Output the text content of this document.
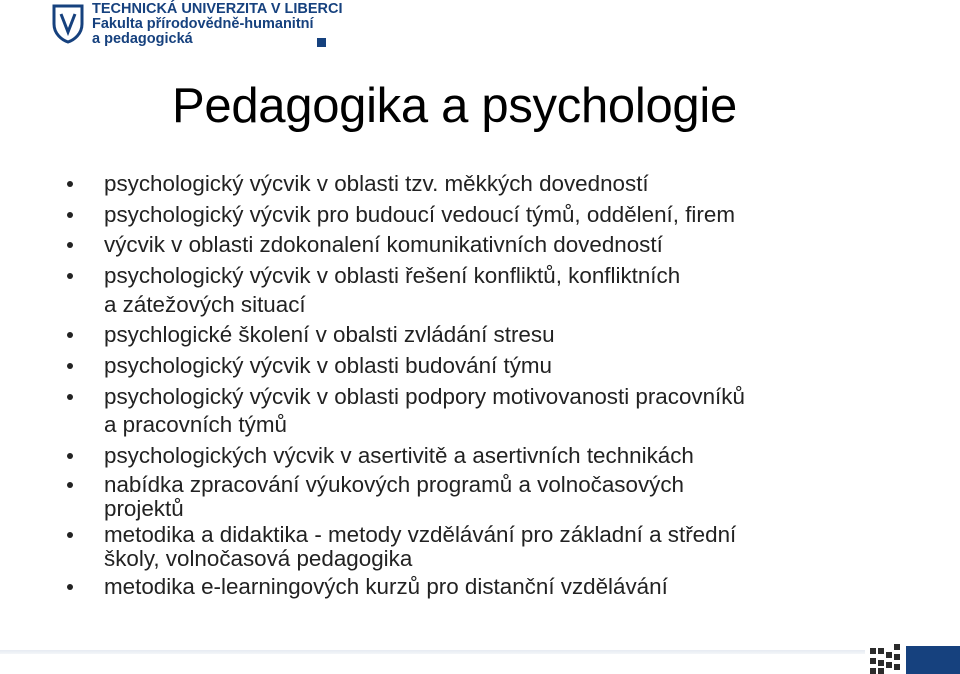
TECHNICKÁ UNIVERZITA V LIBERCI
Fakulta přírodovědně-humanitní
a pedagogická
Pedagogika a psychologie
psychologický výcvik v oblasti tzv. měkkých dovedností
psychologický výcvik pro budoucí vedoucí týmů, oddělení, firem
výcvik v oblasti zdokonalení komunikativních dovedností
psychologický výcvik v oblasti řešení konfliktů, konfliktních
a zátežových situací
psychlogické školení v obalsti zvládání stresu
psychologický výcvik v oblasti budování týmu
psychologický výcvik v oblasti podpory motivovanosti pracovníků
a pracovních týmů
psychologických výcvik v asertivitě a asertivních technikách
nabídka zpracování výukových programů a volnočasových
projektů
metodika a didaktika - metody vzdělávání pro základní a střední
školy, volnočasová pedagogika
metodika e-learningových kurzů pro distanční vzdělávání
